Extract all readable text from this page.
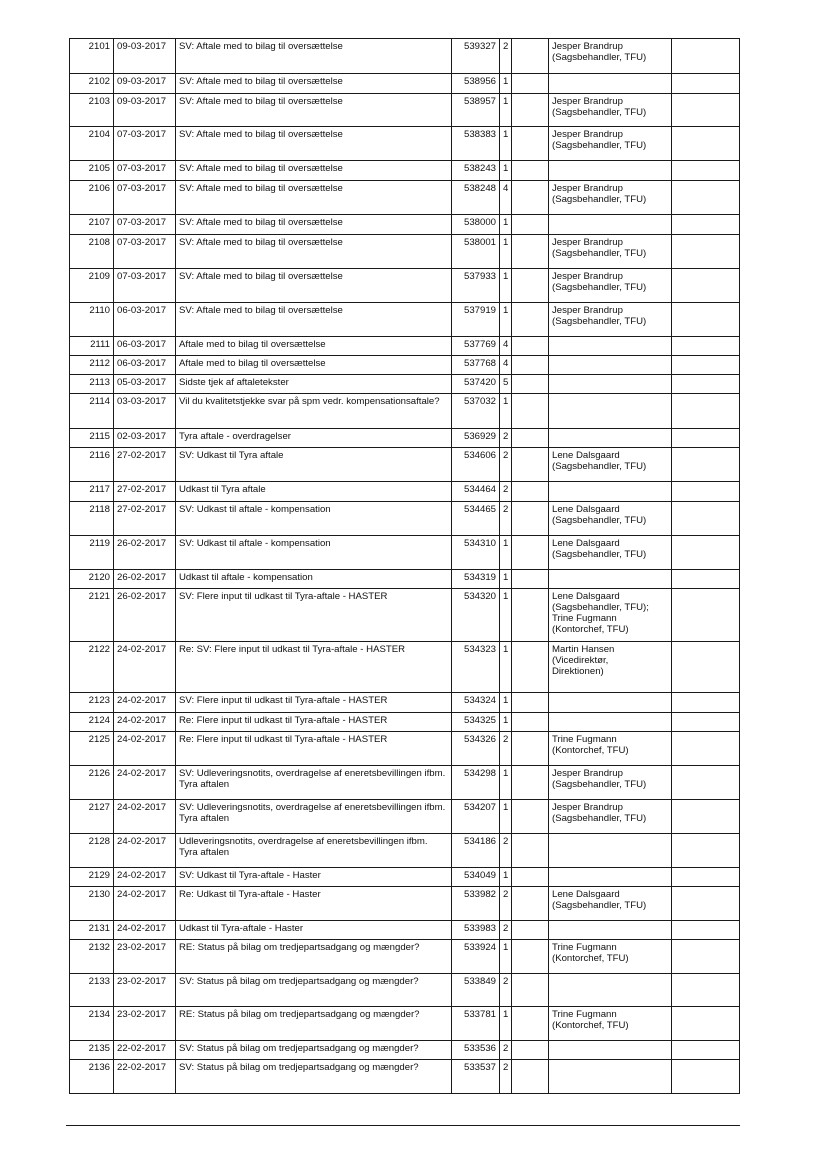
2101	09-03-2017	SV: Aftale med to bilag til oversættelse	539327	2		Jesper Brandrup
(Sagsbehandler, TFU)	

2102	09-03-2017	SV: Aftale med to bilag til oversættelse	538956	1			
2103	09-03-2017	SV: Aftale med to bilag til oversættelse	538957	1		Jesper Brandrup
(Sagsbehandler, TFU)	

2104	07-03-2017	SV: Aftale med to bilag til oversættelse	538383	1		Jesper Brandrup
(Sagsbehandler, TFU)	

2105	07-03-2017	SV: Aftale med to bilag til oversættelse	538243	1			
2106	07-03-2017	SV: Aftale med to bilag til oversættelse	538248	4		Jesper Brandrup
(Sagsbehandler, TFU)	

2107	07-03-2017	SV: Aftale med to bilag til oversættelse	538000	1			
2108	07-03-2017	SV: Aftale med to bilag til oversættelse	538001	1		Jesper Brandrup
(Sagsbehandler, TFU)	

2109	07-03-2017	SV: Aftale med to bilag til oversættelse	537933	1		Jesper Brandrup
(Sagsbehandler, TFU)	

2110	06-03-2017	SV: Aftale med to bilag til oversættelse	537919	1		Jesper Brandrup
(Sagsbehandler, TFU)	

2111	06-03-2017	Aftale med to bilag til oversættelse	537769	4			
2112	06-03-2017	Aftale med to bilag til oversættelse	537768	4			
2113	05-03-2017	Sidste tjek af aftaletekster	537420	5			
2114	03-03-2017	Vil du kvalitetstjekke svar på spm vedr. kompensationsaftale?	537032	1			
2115	02-03-2017	Tyra aftale - overdragelser	536929	2			
2116	27-02-2017	SV: Udkast til Tyra aftale	534606	2		Lene Dalsgaard
(Sagsbehandler, TFU)	

2117	27-02-2017	Udkast til Tyra aftale	534464	2			
2118	27-02-2017	SV: Udkast til aftale - kompensation	534465	2		Lene Dalsgaard
(Sagsbehandler, TFU)	

2119	26-02-2017	SV: Udkast til aftale - kompensation	534310	1		Lene Dalsgaard
(Sagsbehandler, TFU)	

2120	26-02-2017	Udkast til aftale - kompensation	534319	1			
2121	26-02-2017	SV: Flere input til udkast til Tyra-aftale - HASTER	534320	1		Lene Dalsgaard
(Sagsbehandler, TFU);
Trine Fugmann
(Kontorchef, TFU)	

2122	24-02-2017	Re: SV: Flere input til udkast til Tyra-aftale - HASTER	534323	1		Martin Hansen
(Vicedirektør,
Direktionen)	

2123	24-02-2017	SV: Flere input til udkast til Tyra-aftale - HASTER	534324	1			
2124	24-02-2017	Re: Flere input til udkast til Tyra-aftale - HASTER	534325	1			
2125	24-02-2017	Re: Flere input til udkast til Tyra-aftale - HASTER	534326	2		Trine Fugmann
(Kontorchef, TFU)	

2126	24-02-2017	SV: Udleveringsnotits, overdragelse af eneretsbevillingen ifbm. Tyra aftalen	534298	1		Jesper Brandrup
(Sagsbehandler, TFU)	

2127	24-02-2017	SV: Udleveringsnotits, overdragelse af eneretsbevillingen ifbm. Tyra aftalen	534207	1		Jesper Brandrup
(Sagsbehandler, TFU)	

2128	24-02-2017	Udleveringsnotits, overdragelse af eneretsbevillingen ifbm. Tyra aftalen	534186	2			
2129	24-02-2017	SV: Udkast til Tyra-aftale - Haster	534049	1			
2130	24-02-2017	Re: Udkast til Tyra-aftale - Haster	533982	2		Lene Dalsgaard
(Sagsbehandler, TFU)	

2131	24-02-2017	Udkast til Tyra-aftale - Haster	533983	2			
2132	23-02-2017	RE: Status på bilag om tredjepartsadgang og mængder?	533924	1		Trine Fugmann
(Kontorchef, TFU)	

2133	23-02-2017	SV: Status på bilag om tredjepartsadgang og mængder?	533849	2			
2134	23-02-2017	RE: Status på bilag om tredjepartsadgang og mængder?	533781	1		Trine Fugmann
(Kontorchef, TFU)	

2135	22-02-2017	SV: Status på bilag om tredjepartsadgang og mængder?	533536	2			
2136	22-02-2017	SV: Status på bilag om tredjepartsadgang og mængder?	533537	2			
